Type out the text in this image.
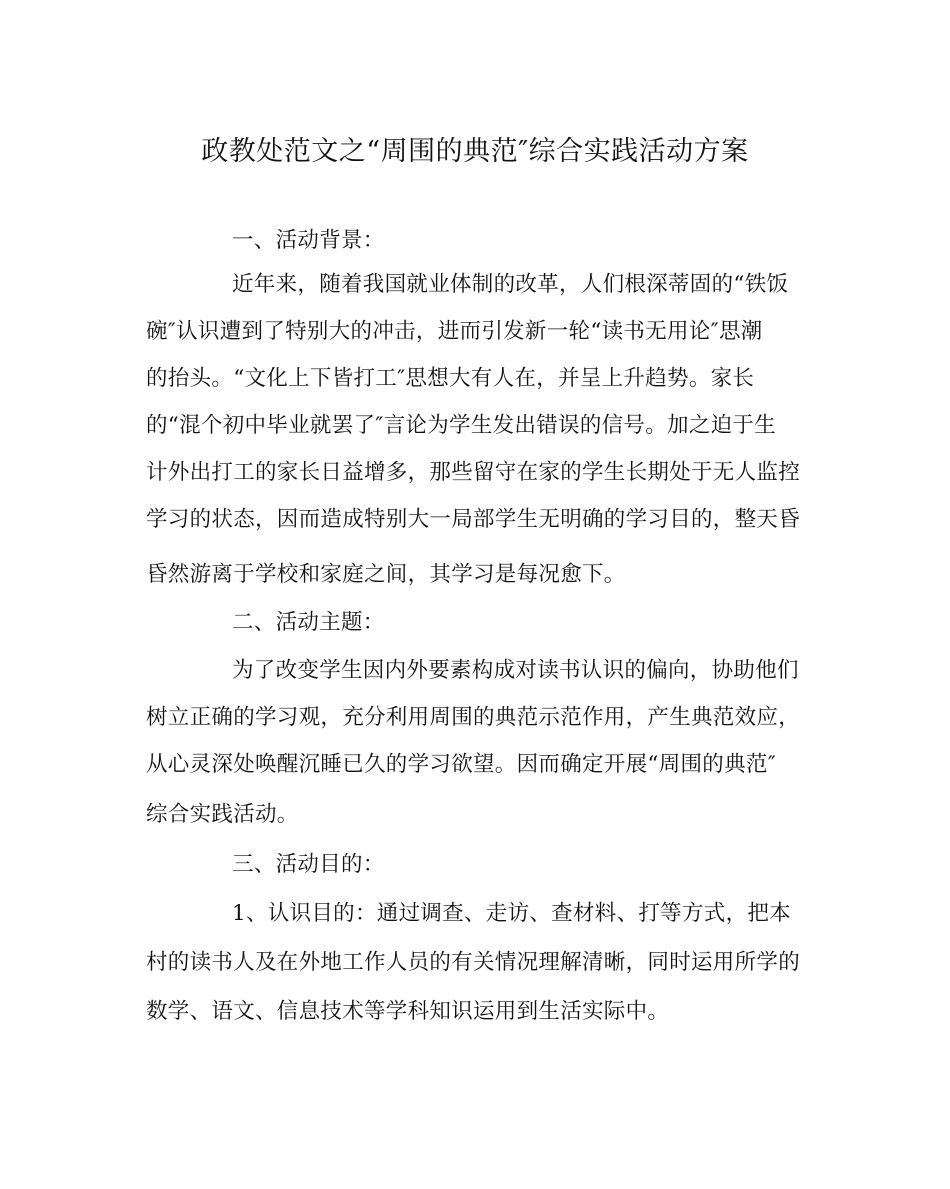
政教处范文之“周围的典范″综合实践活动方案
一、活动背景：
近年来，随着我国就业体制的改革，人们根深蒂固的“铁饭
碗″认识遭到了特别大的冲击，进而引发新一轮“读书无用论″思潮
的抬头。“文化上下皆打工″思想大有人在，并呈上升趋势。家长
的“混个初中毕业就罢了″言论为学生发出错误的信号。加之迫于生
计外出打工的家长日益增多，那些留守在家的学生长期处于无人监控
学习的状态，因而造成特别大一局部学生无明确的学习目的，整天昏
昏然游离于学校和家庭之间，其学习是每况愈下。
二、活动主题：
为了改变学生因内外要素构成对读书认识的偏向，协助他们
树立正确的学习观，充分利用周围的典范示范作用，产生典范效应，
从心灵深处唤醒沉睡已久的学习欲望。因而确定开展“周围的典范″
综合实践活动。
三、活动目的：
1、认识目的：通过调查、走访、查材料、打等方式，把本
村的读书人及在外地工作人员的有关情况理解清晰，同时运用所学的
数学、语文、信息技术等学科知识运用到生活实际中。
